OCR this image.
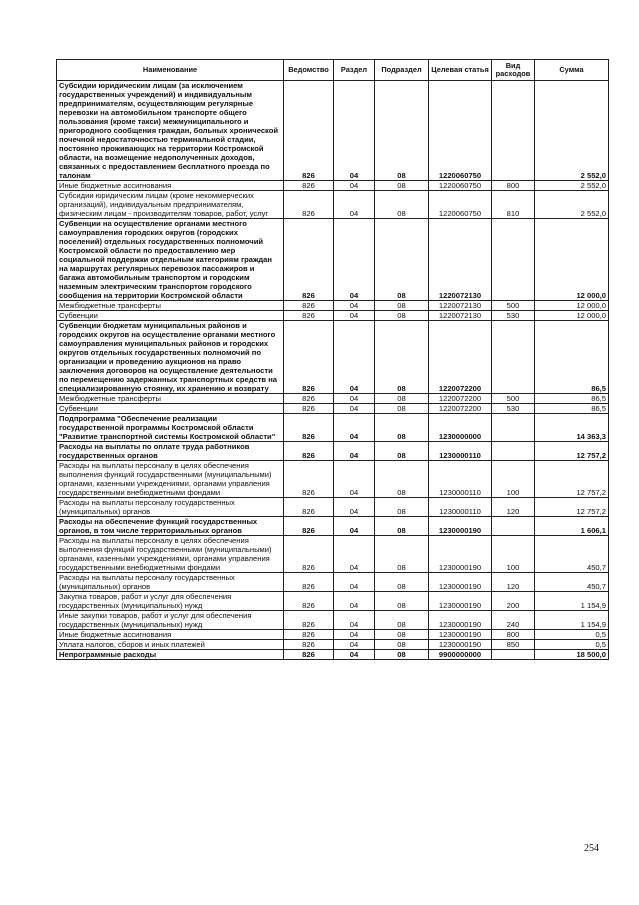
Наименование	Ведомство	Раздел	Подраздел	Целевая статья	Вид расходов	Сумма
Субсидии юридическим лицам (за исключением государственных учреждений) и индивидуальным предпринимателям, осуществляющим регулярные перевозки на автомобильном транспорте общего пользования (кроме такси) межмуниципального и пригородного сообщения граждан, больных хронической почечной недостаточностью терминальной стадии, постоянно проживающих на территории Костромской области, на возмещение недополученных доходов, связанных с предоставлением бесплатного проезда по талонам	826	04	08	1220060750		2 552,0
Иные бюджетные ассигнования	826	04	08	1220060750	800	2 552,0
Субсидии юридическим лицам (кроме некоммерческих организаций), индивидуальным предпринимателям, физическим лицам - производителям товаров, работ, услуг	826	04	08	1220060750	810	2 552,0
Субвенции на осуществление органами местного самоуправления городских округов (городских поселений) отдельных государственных полномочий Костромской области по предоставлению мер социальной поддержки отдельным категориям граждан на маршрутах регулярных перевозок пассажиров и багажа автомобильным транспортом и городским наземным электрическим транспортом городского сообщения на территории Костромской области	826	04	08	1220072130		12 000,0
Межбюджетные трансферты	826	04	08	1220072130	500	12 000,0
Субвенции	826	04	08	1220072130	530	12 000,0
Субвенции бюджетам муниципальных районов и городских округов на осуществление органами местного самоуправления муниципальных районов и городских округов отдельных государственных полномочий по организации и проведению аукционов на право заключения договоров на осуществление деятельности по перемещению задержанных транспортных средств на специализированную стоянку, их хранению и возврату	826	04	08	1220072200		86,5
Межбюджетные трансферты	826	04	08	1220072200	500	86,5
Субвенции	826	04	08	1220072200	530	86,5
Подпрограмма "Обеспечение реализации государственной программы Костромской области "Развитие транспортной системы Костромской области"	826	04	08	1230000000		14 363,3
Расходы на выплаты по оплате труда работников государственных органов	826	04	08	1230000110		12 757,2
Расходы на выплаты персоналу в целях обеспечения выполнения функций государственными (муниципальными) органами, казенными учреждениями, органами управления государственными внебюджетными фондами	826	04	08	1230000110	100	12 757,2
Расходы на выплаты персоналу государственных (муниципальных) органов	826	04	08	1230000110	120	12 757,2
Расходы на обеспечение функций государственных органов, в том числе территориальных органов	826	04	08	1230000190		1 606,1
Расходы на выплаты персоналу в целях обеспечения выполнения функций государственными (муниципальными) органами, казенными учреждениями, органами управления государственными внебюджетными фондами	826	04	08	1230000190	100	450,7
Расходы на выплаты персоналу государственных (муниципальных) органов	826	04	08	1230000190	120	450,7
Закупка товаров, работ и услуг для обеспечения государственных (муниципальных) нужд	826	04	08	1230000190	200	1 154,9
Иные закупки товаров, работ и услуг для обеспечения государственных (муниципальных) нужд	826	04	08	1230000190	240	1 154,9
Иные бюджетные ассигнования	826	04	08	1230000190	800	0,5
Уплата налогов, сборов и иных платежей	826	04	08	1230000190	850	0,5
Непрограммные расходы	826	04	08	9900000000		18 500,0
254
